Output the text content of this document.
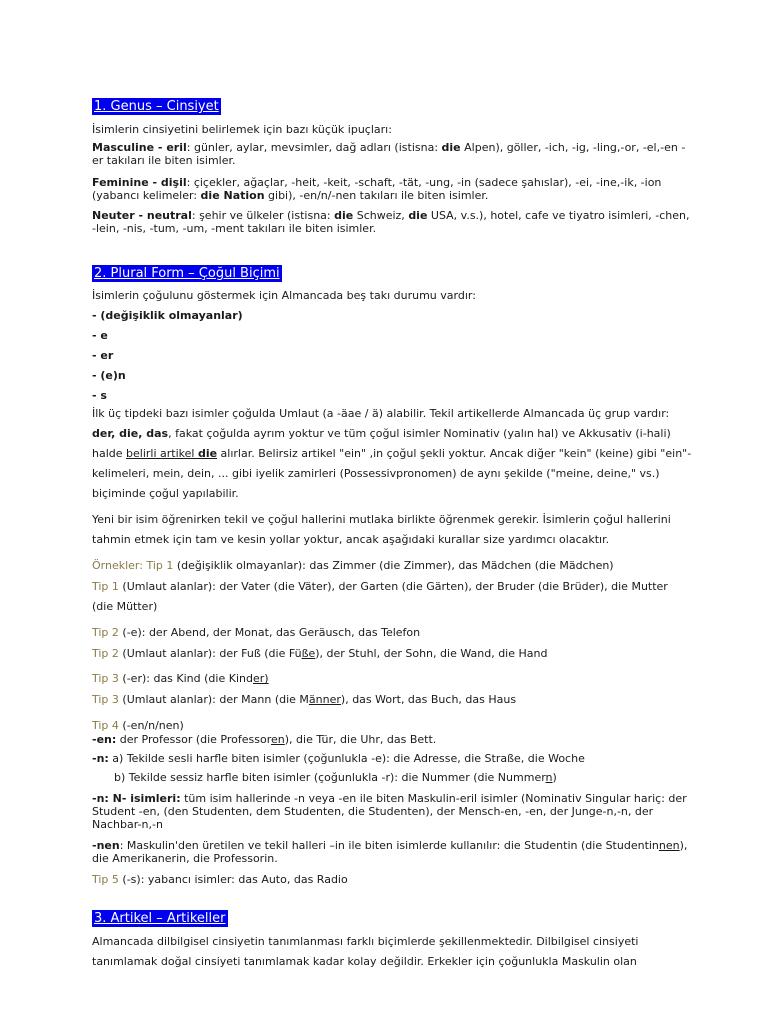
1. Genus – Cinsiyet
İsimlerin cinsiyetini belirlemek için bazı küçük ipuçları:
Masculine - eril: günler, aylar, mevsimler, dağ adları (istisna: die Alpen), göller, -ich, -ig, -ling,-or, -el,-en -er takıları ile biten isimler.
Feminine - dişil: çiçekler, ağaçlar, -heit, -keit, -schaft, -tät, -ung, -in (sadece şahıslar), -ei, -ine,-ik, -ion (yabancı kelimeler: die Nation gibi), -en/n/-nen takıları ile biten isimler.
Neuter - neutral: şehir ve ülkeler (istisna: die Schweiz, die USA, v.s.), hotel, cafe ve tiyatro isimleri, -chen, -lein, -nis, -tum, -um, -ment takıları ile biten isimler.
2. Plural Form – Çoğul Biçimi
İsimlerin çoğulunu göstermek için Almancada beş takı durumu vardır:
- (değişiklik olmayanlar)
- e
- er
- (e)n
- s
İlk üç tipdeki bazı isimler çoğulda Umlaut (a -äae / ä) alabilir. Tekil artikellerde Almancada üç grup vardır: der, die, das, fakat çoğulda ayrım yoktur ve tüm çoğul isimler Nominativ (yalın hal) ve Akkusativ (i-hali) halde belirli artikel die alırlar. Belirsiz artikel "ein" ,in çoğul şekli yoktur. Ancak diğer "kein" (keine) gibi "ein"-kelimeleri, mein, dein, ... gibi iyelik zamirleri (Possessivpronomen) de aynı şekilde ("meine, deine," vs.) biçiminde çoğul yapılabilir.
Yeni bir isim öğrenirken tekil ve çoğul hallerini mutlaka birlikte öğrenmek gerekir. İsimlerin çoğul hallerini tahmin etmek için tam ve kesin yollar yoktur, ancak aşağıdaki kurallar size yardımcı olacaktır.
Örnekler: Tip 1 (değişiklik olmayanlar): das Zimmer (die Zimmer), das Mädchen (die Mädchen)
Tip 1 (Umlaut alanlar): der Vater (die Väter), der Garten (die Gärten), der Bruder (die Brüder), die Mutter (die Mütter)
Tip 2 (-e): der Abend, der Monat, das Geräusch, das Telefon
Tip 2 (Umlaut alanlar): der Fuß (die Füße), der Stuhl, der Sohn, die Wand, die Hand
Tip 3 (-er): das Kind (die Kinder)
Tip 3 (Umlaut alanlar): der Mann (die Männer), das Wort, das Buch, das Haus
Tip 4 (-en/n/nen)
-en: der Professor (die Professoren), die Tür, die Uhr, das Bett.
-n: a) Tekilde sesli harfle biten isimler (çoğunlukla -e): die Adresse, die Straße, die Woche
b) Tekilde sessiz harfle biten isimler (çoğunlukla -r): die Nummer (die Nummern)
-n: N- isimleri: tüm isim hallerinde -n veya -en ile biten Maskulin-eril isimler (Nominativ Singular hariç: der Student -en, (den Studenten, dem Studenten, die Studenten), der Mensch-en, -en, der Junge-n,-n, der Nachbar-n,-n
-nen: Maskulin'den üretilen ve tekil halleri –in ile biten isimlerde kullanılır: die Studentin (die Studentinnen), die Amerikanerin, die Professorin.
Tip 5 (-s): yabancı isimler: das Auto, das Radio
3. Artikel – Artikeller
Almancada dilbilgisel cinsiyetin tanımlanması farklı biçimlerde şekillenmektedir. Dilbilgisel cinsiyeti tanımlamak doğal cinsiyeti tanımlamak kadar kolay değildir. Erkekler için çoğunlukla Maskulin olan
